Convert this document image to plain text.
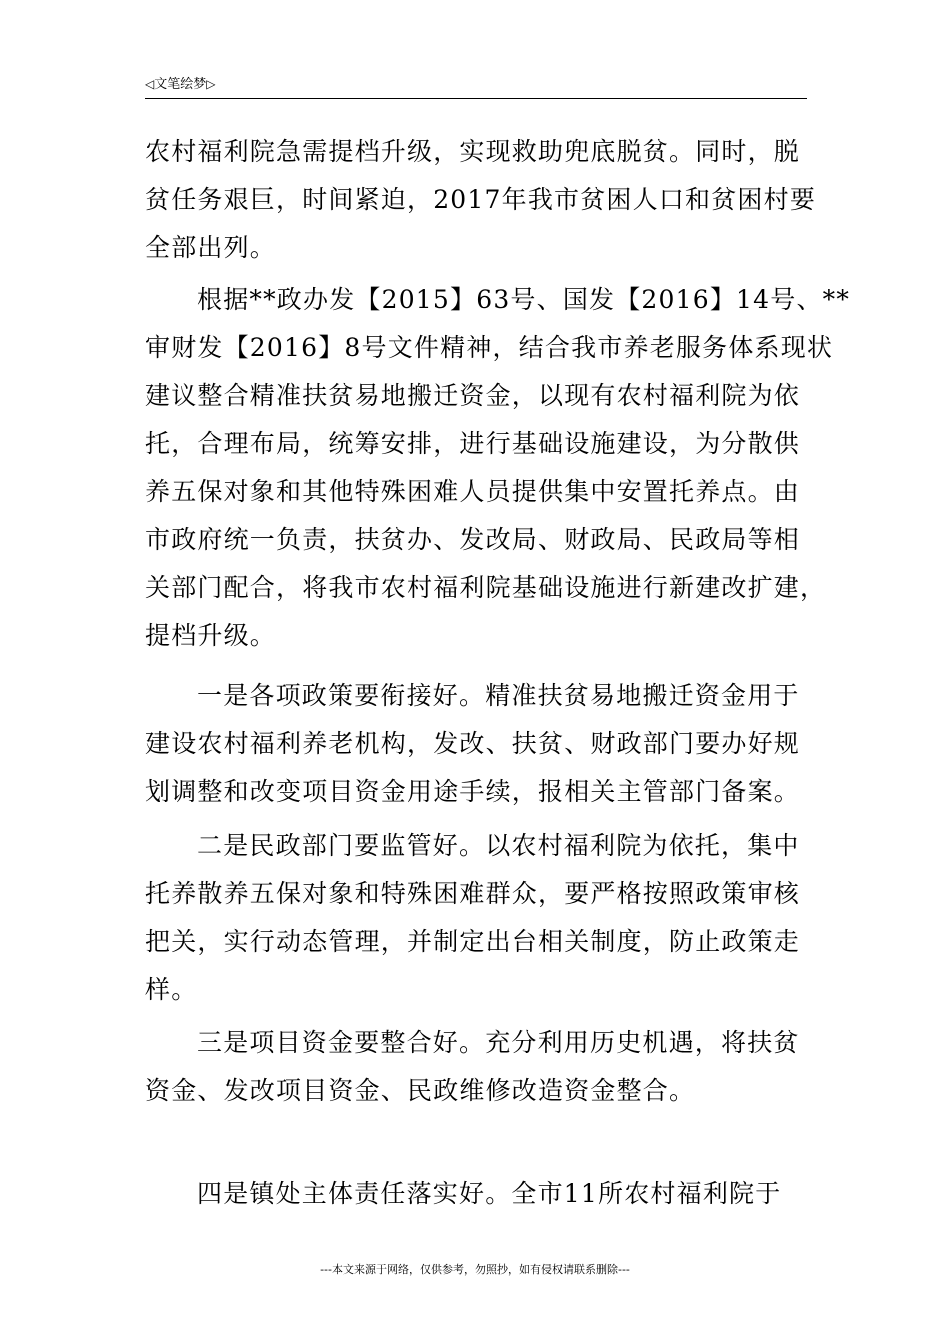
◁文笔绘梦▷

农村福利院急需提档升级，实现救助兜底脱贫。同时，脱
贫任务艰巨，时间紧迫，2017年我市贫困人口和贫困村要
全部出列。

根据**政办发【2015】63号、国发【2016】14号、**
审财发【2016】8号文件精神，结合我市养老服务体系现状
建议整合精准扶贫易地搬迁资金，以现有农村福利院为依
托，合理布局，统筹安排，进行基础设施建设，为分散供
养五保对象和其他特殊困难人员提供集中安置托养点。由
市政府统一负责，扶贫办、发改局、财政局、民政局等相
关部门配合，将我市农村福利院基础设施进行新建改扩建，
提档升级。

一是各项政策要衔接好。精准扶贫易地搬迁资金用于
建设农村福利养老机构，发改、扶贫、财政部门要办好规
划调整和改变项目资金用途手续，报相关主管部门备案。

二是民政部门要监管好。以农村福利院为依托，集中
托养散养五保对象和特殊困难群众，要严格按照政策审核
把关，实行动态管理，并制定出台相关制度，防止政策走
样。

三是项目资金要整合好。充分利用历史机遇，将扶贫
资金、发改项目资金、民政维修改造资金整合。

四是镇处主体责任落实好。全市11所农村福利院于

---本文来源于网络，仅供参考，勿照抄，如有侵权请联系删除---
